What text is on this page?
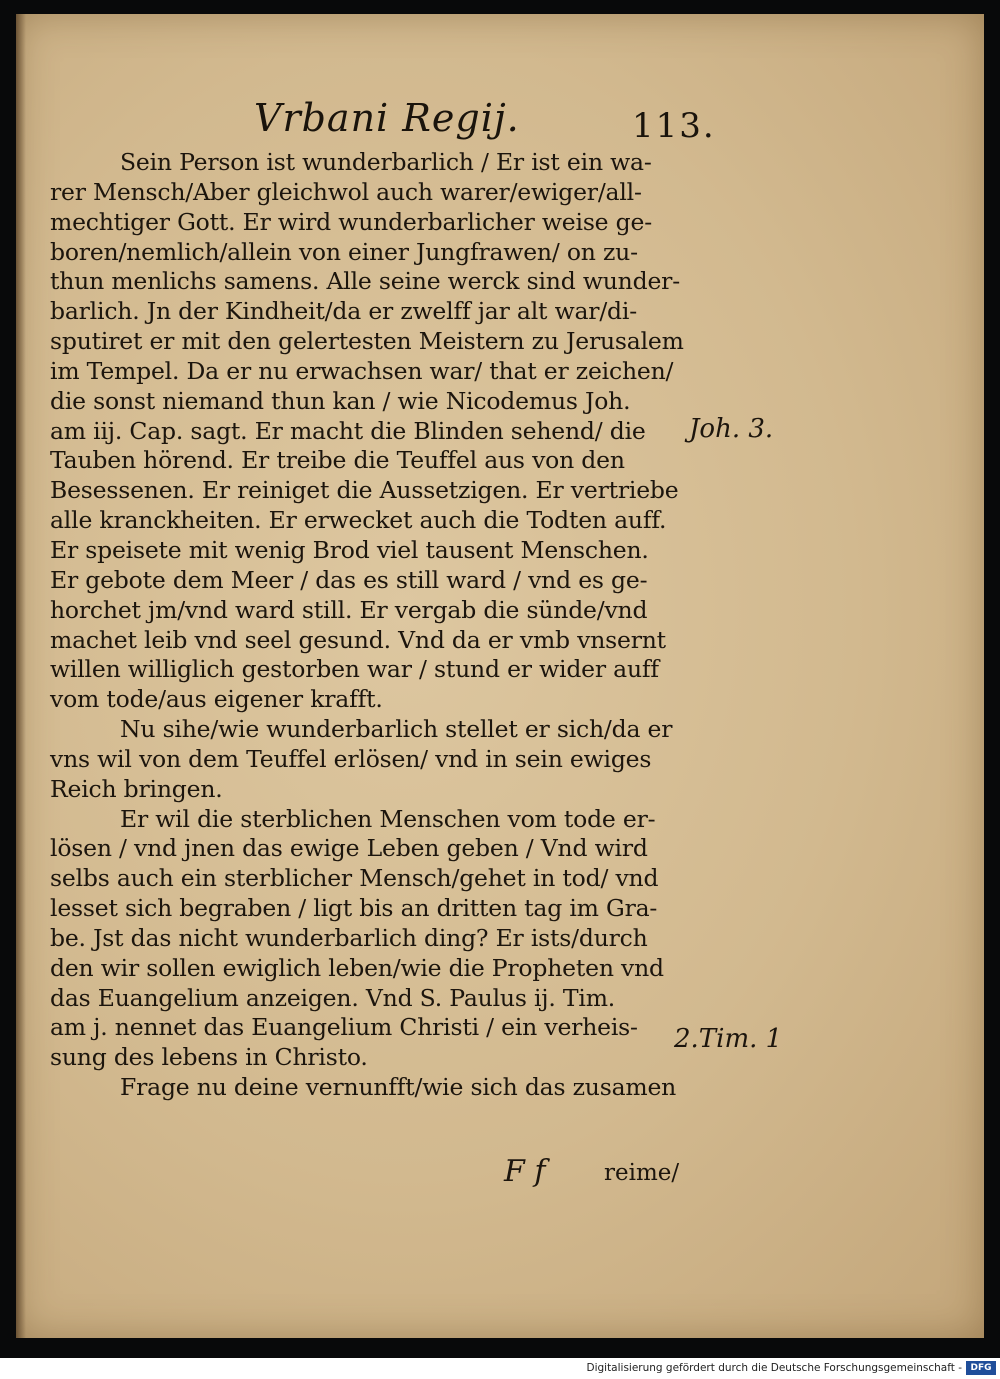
Vrbani Regij.	113.
Sein Person ist wunderbarlich / Er ist ein wa-
rer Mensch/Aber gleichwol auch warer/ewiger/all-
mechtiger Gott. Er wird wunderbarlicher weise ge-
boren/nemlich/allein von einer Jungfrawen/ on zu-
thun menlichs samens. Alle seine werck sind wunder-
barlich. Jn der Kindheit/da er zwelff jar alt war/di-
sputiret er mit den gelertesten Meistern zu Jerusalem
im Tempel. Da er nu erwachsen war/ that er zeichen/
die sonst niemand thun kan / wie Nicodemus Joh.
am iij. Cap. sagt. Er macht die Blinden sehend/ die
Tauben hörend. Er treibe die Teuffel aus von den
Besessenen. Er reiniget die Aussetzigen. Er vertriebe
alle kranckheiten. Er erwecket auch die Todten auff.
Er speisete mit wenig Brod viel tausent Menschen.
Er gebote dem Meer / das es still ward / vnd es ge-
horchet jm/vnd ward still. Er vergab die sünde/vnd
machet leib vnd seel gesund. Vnd da er vmb vnsernt
willen williglich gestorben war / stund er wider auff
vom tode/aus eigener krafft.
Nu sihe/wie wunderbarlich stellet er sich/da er
vns wil von dem Teuffel erlösen/ vnd in sein ewiges
Reich bringen.
Er wil die sterblichen Menschen vom tode er-
lösen / vnd jnen das ewige Leben geben / Vnd wird
selbs auch ein sterblicher Mensch/gehet in tod/ vnd
lesset sich begraben / ligt bis an dritten tag im Gra-
be. Jst das nicht wunderbarlich ding? Er ists/durch
den wir sollen ewiglich leben/wie die Propheten vnd
das Euangelium anzeigen. Vnd S. Paulus ij. Tim.
am j. nennet das Euangelium Christi / ein verheis-
sung des lebens in Christo.
Frage nu deine vernunfft/wie sich das zusamen
Joh. 3.
2.Tim. 1
F f	reime/
Digitalisierung gefördert durch die Deutsche Forschungsgemeinschaft - DFG
